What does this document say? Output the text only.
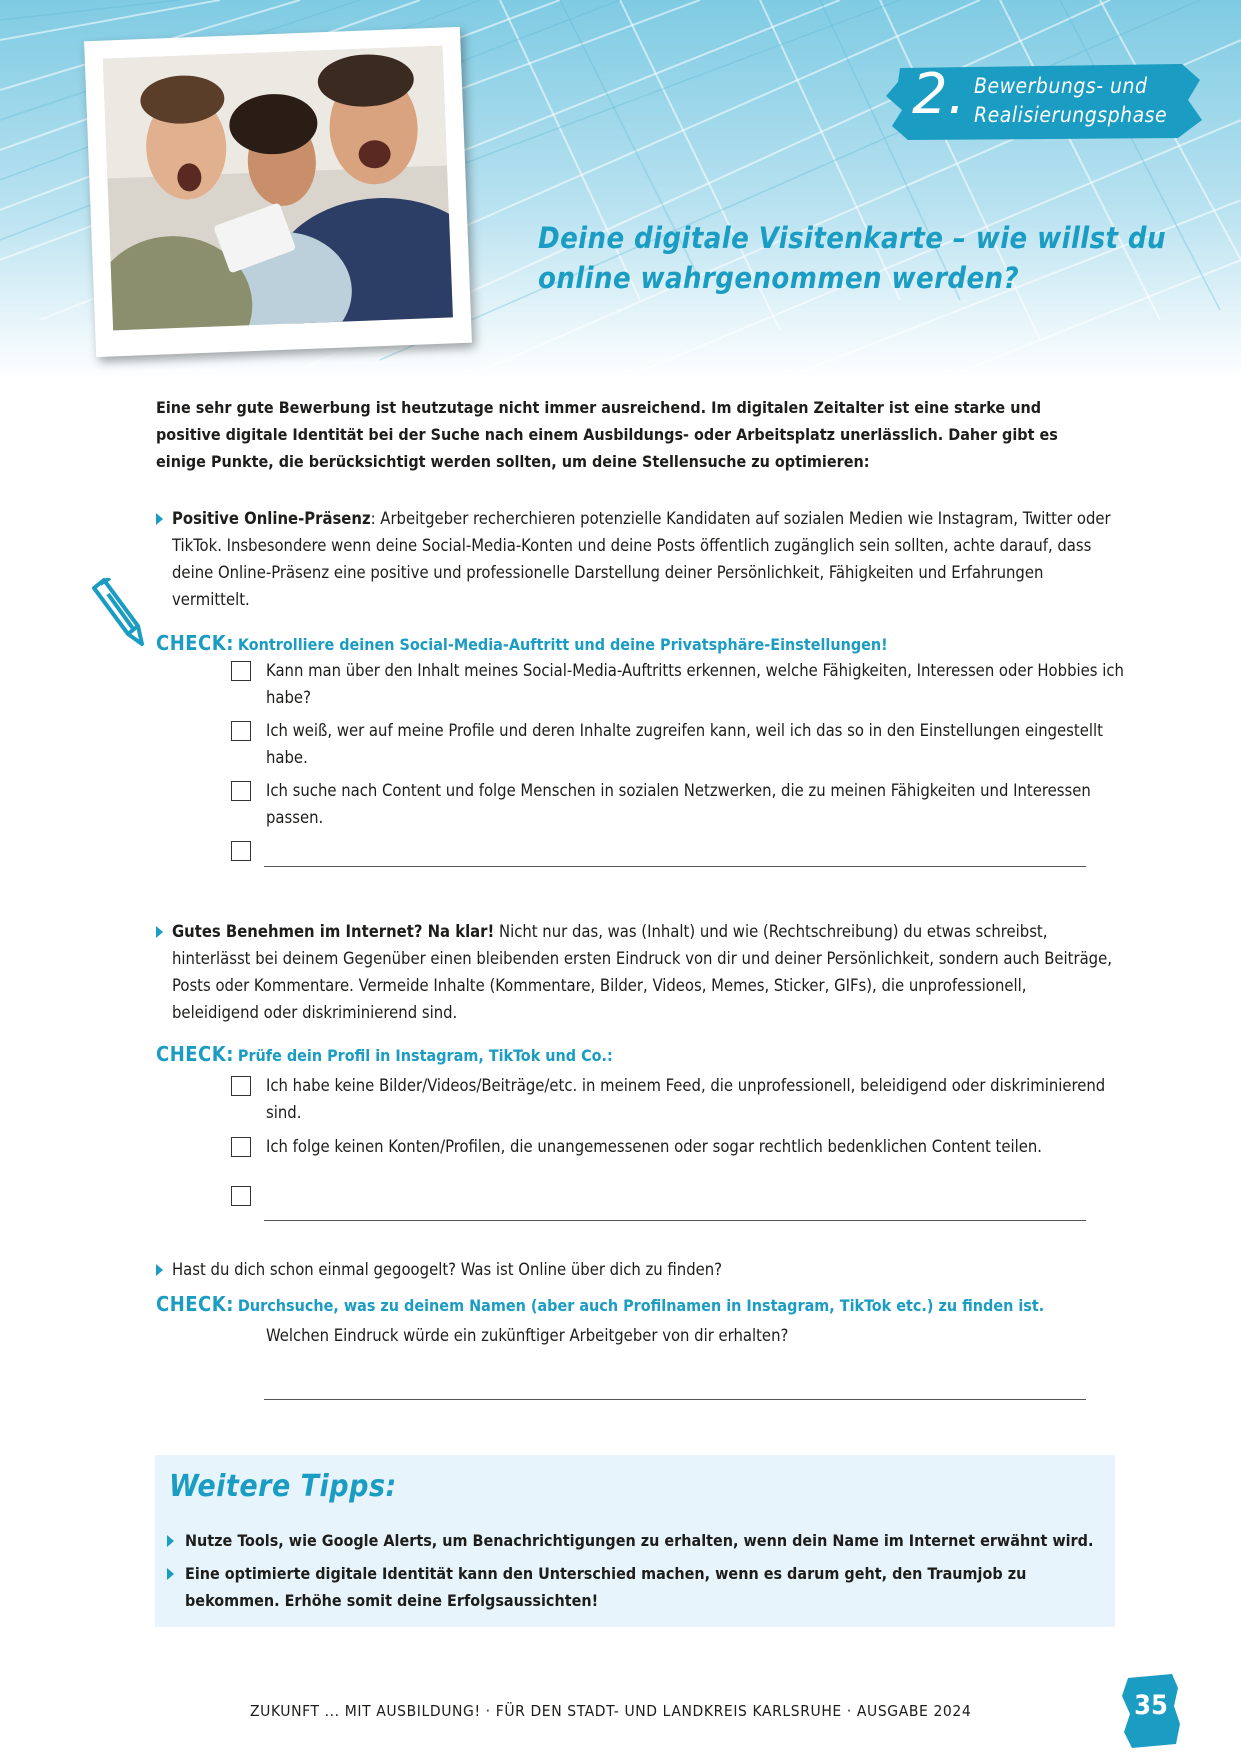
2. Bewerbungs- und
Realisierungsphase
Deine digitale Visitenkarte – wie willst du online wahrgenommen werden?

Eine sehr gute Bewerbung ist heutzutage nicht immer ausreichend. Im digitalen Zeitalter ist eine starke und positive digitale Identität bei der Suche nach einem Ausbildungs- oder Arbeitsplatz unerlässlich. Daher gibt es einige Punkte, die berücksichtigt werden sollten, um deine Stellensuche zu optimieren:

Positive Online-Präsenz: Arbeitgeber recherchieren potenzielle Kandidaten auf sozialen Medien wie Instagram, Twitter oder TikTok. Insbesondere wenn deine Social-Media-Konten und deine Posts öffentlich zugänglich sein sollten, achte darauf, dass deine Online-Präsenz eine positive und professionelle Darstellung deiner Persönlichkeit, Fähigkeiten und Erfahrungen vermittelt.
CHECK: Kontrolliere deinen Social-Media-Auftritt und deine Privatsphäre-Einstellungen!
Kann man über den Inhalt meines Social-Media-Auftritts erkennen, welche Fähigkeiten, Interessen oder Hobbies ich habe?
Ich weiß, wer auf meine Profile und deren Inhalte zugreifen kann, weil ich das so in den Einstellungen eingestellt habe.
Ich suche nach Content und folge Menschen in sozialen Netzwerken, die zu meinen Fähigkeiten und Interessen passen.
Gutes Benehmen im Internet? Na klar! Nicht nur das, was (Inhalt) und wie (Rechtschreibung) du etwas schreibst, hinterlässt bei deinem Gegenüber einen bleibenden ersten Eindruck von dir und deiner Persönlichkeit, sondern auch Beiträge, Posts oder Kommentare. Vermeide Inhalte (Kommentare, Bilder, Videos, Memes, Sticker, GIFs), die unprofessionell, beleidigend oder diskriminierend sind.
CHECK: Prüfe dein Profil in Instagram, TikTok und Co.:
Ich habe keine Bilder/Videos/Beiträge/etc. in meinem Feed, die unprofessionell, beleidigend oder diskriminierend sind.
Ich folge keinen Konten/Profilen, die unangemessenen oder sogar rechtlich bedenklichen Content teilen.
Hast du dich schon einmal gegoogelt? Was ist Online über dich zu finden?
CHECK: Durchsuche, was zu deinem Namen (aber auch Profilnamen in Instagram, TikTok etc.) zu finden ist.
Welchen Eindruck würde ein zukünftiger Arbeitgeber von dir erhalten?
Weitere Tipps:
Nutze Tools, wie Google Alerts, um Benachrichtigungen zu erhalten, wenn dein Name im Internet erwähnt wird.
Eine optimierte digitale Identität kann den Unterschied machen, wenn es darum geht, den Traumjob zu bekommen. Erhöhe somit deine Erfolgsaussichten!
ZUKUNFT ... MIT AUSBILDUNG! · FÜR DEN STADT- UND LANDKREIS KARLSRUHE · AUSGABE 2024	35
